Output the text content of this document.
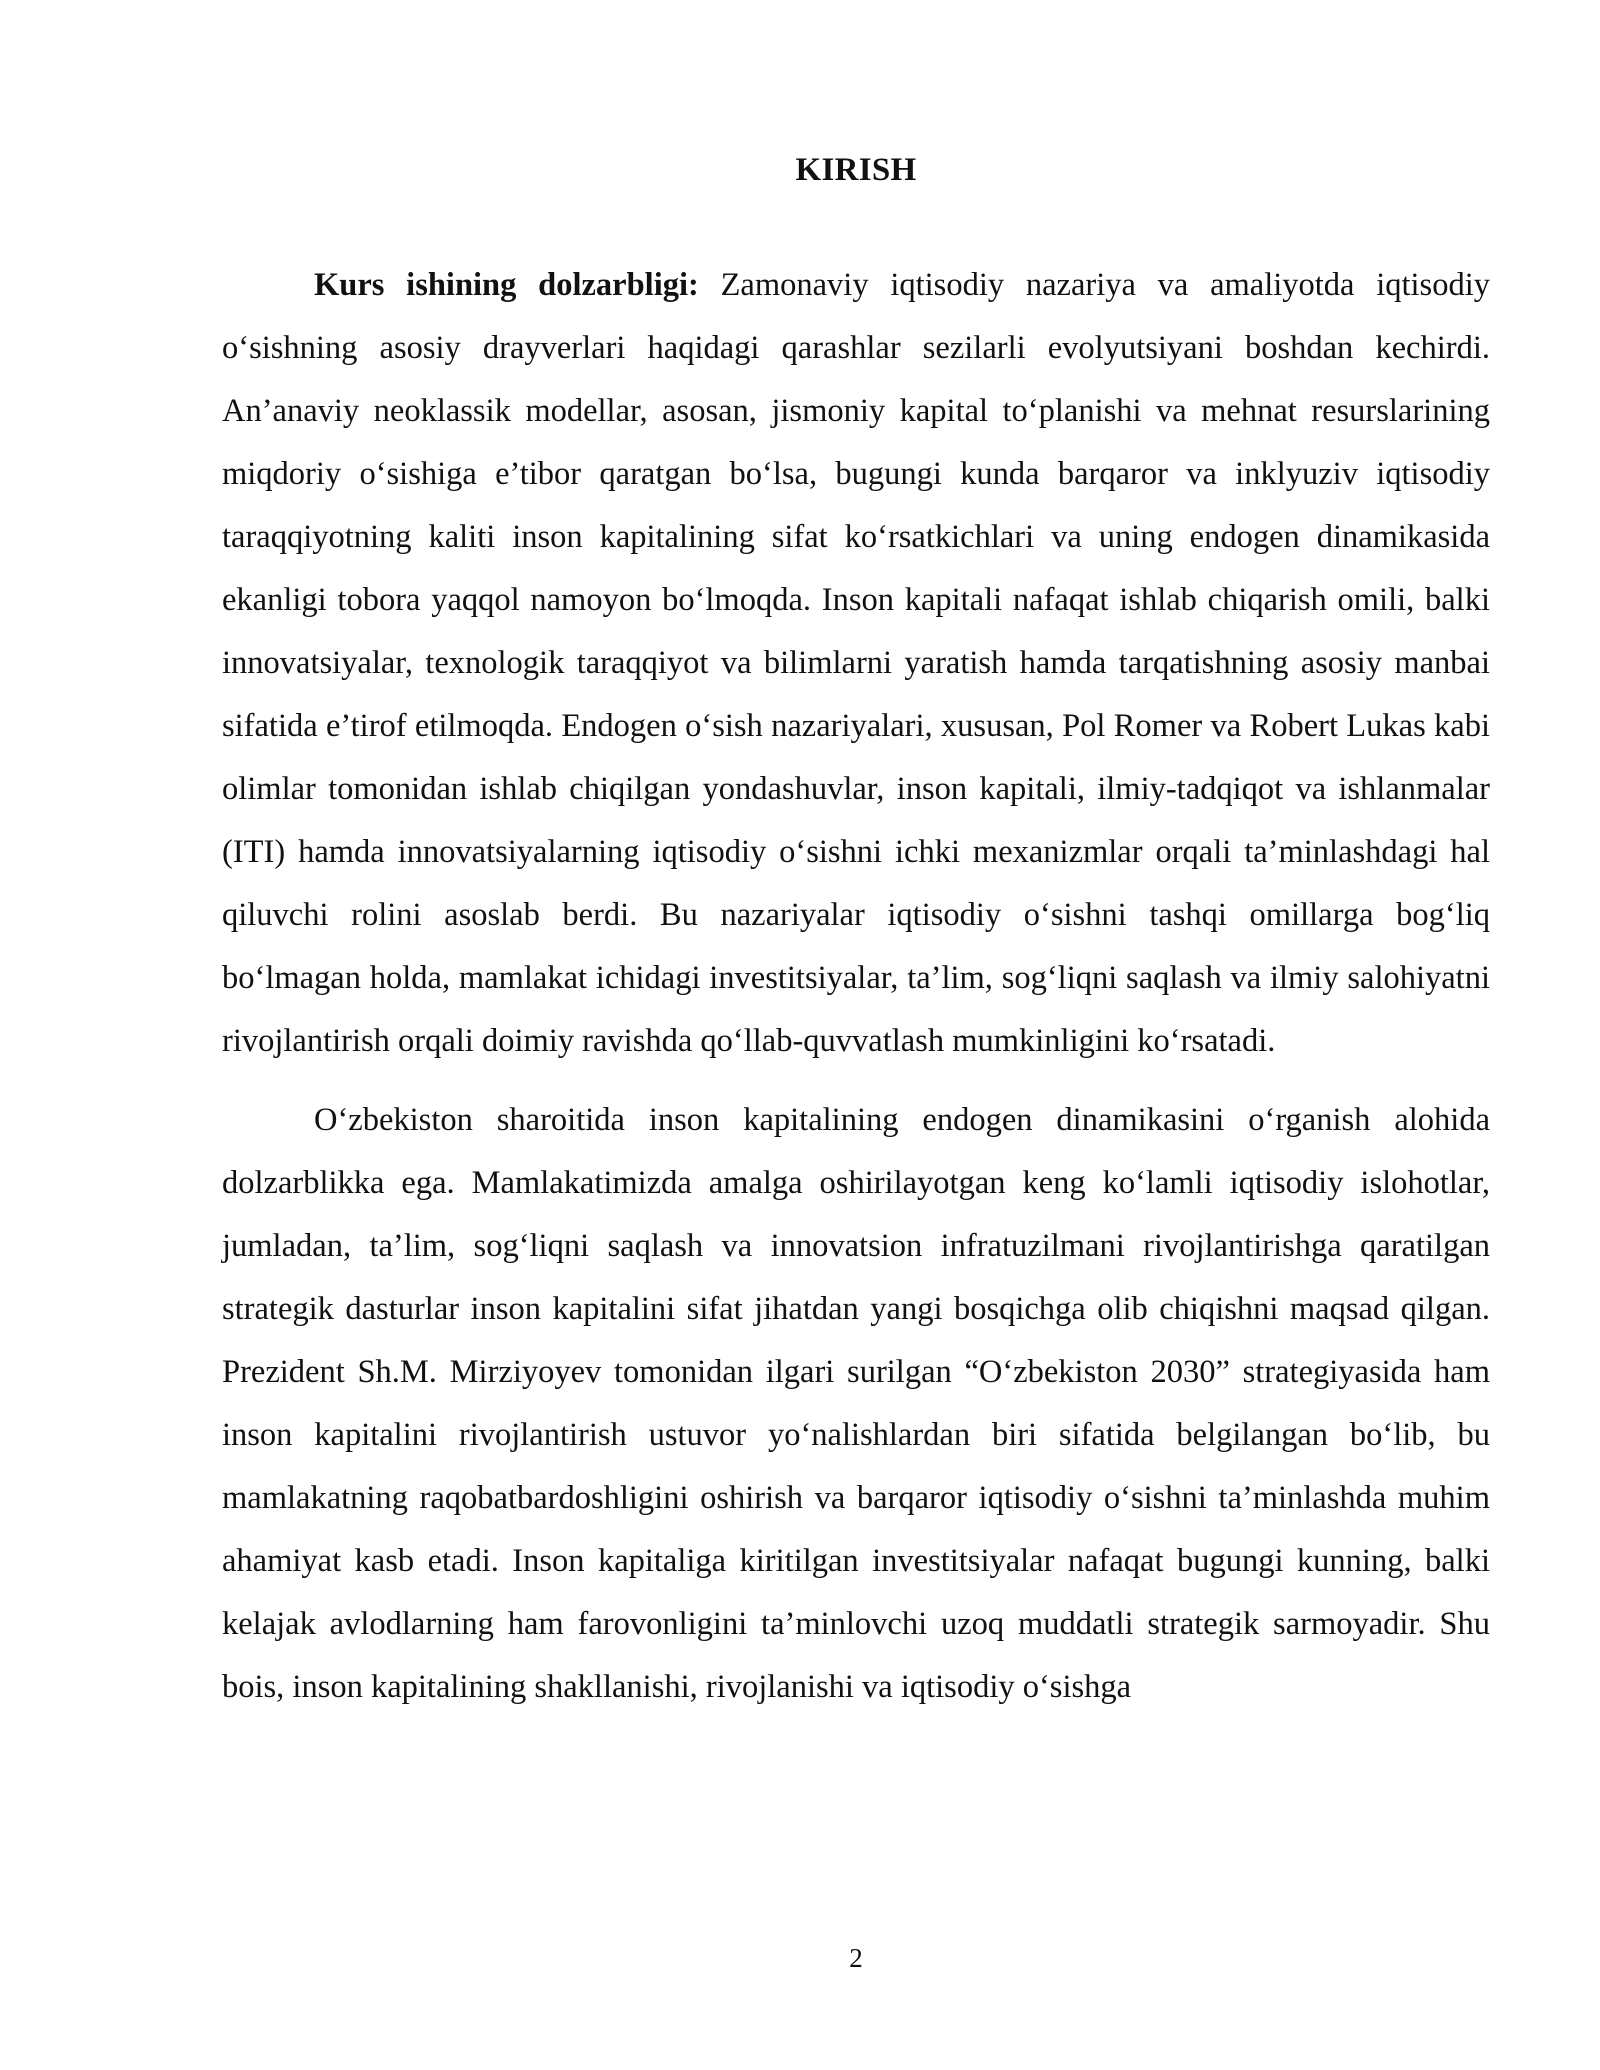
KIRISH

Kurs ishining dolzarbligi: Zamonaviy iqtisodiy nazariya va amaliyotda iqtisodiy o‘sishning asosiy drayverlari haqidagi qarashlar sezilarli evolyutsiyani boshdan kechirdi. An’anaviy neoklassik modellar, asosan, jismoniy kapital to‘planishi va mehnat resurslarining miqdoriy o‘sishiga e’tibor qaratgan bo‘lsa, bugungi kunda barqaror va inklyuziv iqtisodiy taraqqiyotning kaliti inson kapitalining sifat ko‘rsatkichlari va uning endogen dinamikasida ekanligi tobora yaqqol namoyon bo‘lmoqda. Inson kapitali nafaqat ishlab chiqarish omili, balki innovatsiyalar, texnologik taraqqiyot va bilimlarni yaratish hamda tarqatishning asosiy manbai sifatida e’tirof etilmoqda. Endogen o‘sish nazariyalari, xususan, Pol Romer va Robert Lukas kabi olimlar tomonidan ishlab chiqilgan yondashuvlar, inson kapitali, ilmiy-tadqiqot va ishlanmalar (ITI) hamda innovatsiyalarning iqtisodiy o‘sishni ichki mexanizmlar orqali ta’minlashdagi hal qiluvchi rolini asoslab berdi. Bu nazariyalar iqtisodiy o‘sishni tashqi omillarga bog‘liq bo‘lmagan holda, mamlakat ichidagi investitsiyalar, ta’lim, sog‘liqni saqlash va ilmiy salohiyatni rivojlantirish orqali doimiy ravishda qo‘llab-quvvatlash mumkinligini ko‘rsatadi.

O‘zbekiston sharoitida inson kapitalining endogen dinamikasini o‘rganish alohida dolzarblikka ega. Mamlakatimizda amalga oshirilayotgan keng ko‘lamli iqtisodiy islohotlar, jumladan, ta’lim, sog‘liqni saqlash va innovatsion infratuzilmani rivojlantirishga qaratilgan strategik dasturlar inson kapitalini sifat jihatdan yangi bosqichga olib chiqishni maqsad qilgan. Prezident Sh.M. Mirziyoyev tomonidan ilgari surilgan “O‘zbekiston 2030” strategiyasida ham inson kapitalini rivojlantirish ustuvor yo‘nalishlardan biri sifatida belgilangan bo‘lib, bu mamlakatning raqobatbardoshligini oshirish va barqaror iqtisodiy o‘sishni ta’minlashda muhim ahamiyat kasb etadi. Inson kapitaliga kiritilgan investitsiyalar nafaqat bugungi kunning, balki kelajak avlodlarning ham farovonligini ta’minlovchi uzoq muddatli strategik sarmoyadir. Shu bois, inson kapitalining shakllanishi, rivojlanishi va iqtisodiy o‘sishga

2
